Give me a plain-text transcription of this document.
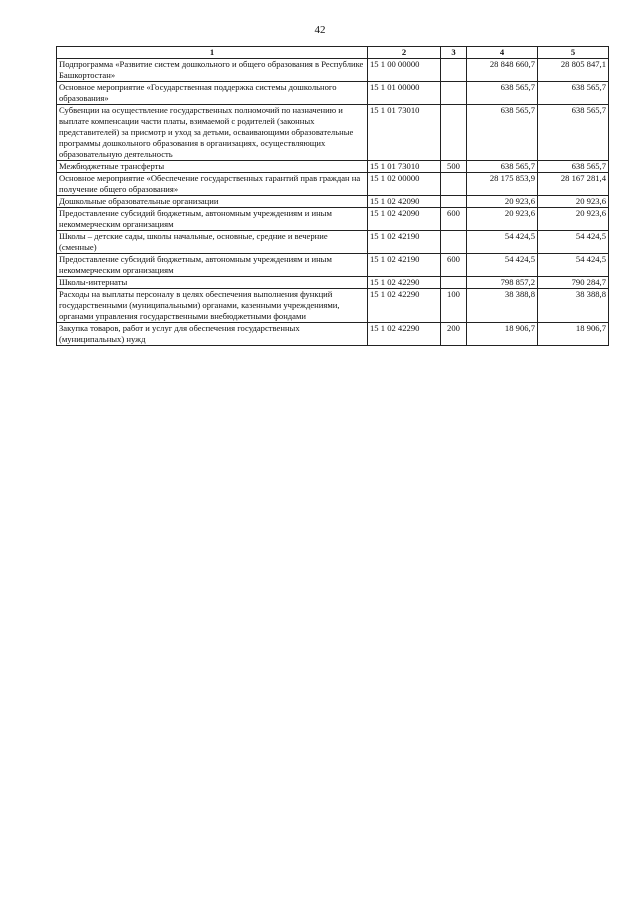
42
1	2	3	4	5
Подпрограмма «Развитие систем дошкольного и общего образования в Республике Башкортостан»	15 1 00 00000		28 848 660,7	28 805 847,1
Основное мероприятие «Государственная поддержка системы дошкольного образования»	15 1 01 00000		638 565,7	638 565,7
Субвенции на осуществление государственных полномочий по назначению и выплате компенсации части платы, взимаемой с родителей (законных представителей) за присмотр и уход за детьми, осваивающими образовательные программы дошкольного образования в организациях, осуществляющих образовательную деятельность	15 1 01 73010		638 565,7	638 565,7
Межбюджетные трансферты	15 1 01 73010	500	638 565,7	638 565,7
Основное мероприятие «Обеспечение государственных гарантий прав граждан на получение общего образования»	15 1 02 00000		28 175 853,9	28 167 281,4
Дошкольные образовательные организации	15 1 02 42090		20 923,6	20 923,6
Предоставление субсидий бюджетным, автономным учреждениям и иным некоммерческим организациям	15 1 02 42090	600	20 923,6	20 923,6
Школы – детские сады, школы начальные, основные, средние и вечерние (сменные)	15 1 02 42190		54 424,5	54 424,5
Предоставление субсидий бюджетным, автономным учреждениям и иным некоммерческим организациям	15 1 02 42190	600	54 424,5	54 424,5
Школы-интернаты	15 1 02 42290		798 857,2	790 284,7
Расходы на выплаты персоналу в целях обеспечения выполнения функций государственными (муниципальными) органами, казенными учреждениями, органами управления государственными внебюджетными фондами	15 1 02 42290	100	38 388,8	38 388,8
Закупка товаров, работ и услуг для обеспечения государственных (муниципальных) нужд	15 1 02 42290	200	18 906,7	18 906,7
